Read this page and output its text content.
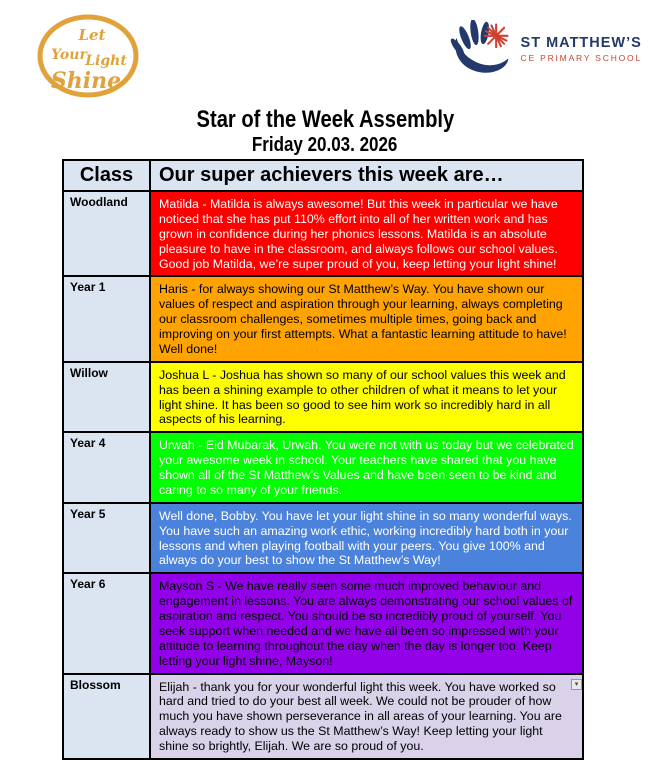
Let
Your
Light
Shine
ST MATTHEW’S
CE PRIMARY SCHOOL
Star of the Week Assembly
Friday 20.03. 2026
Class	Our super achievers this week are…
Woodland	Matilda - Matilda is always awesome! But this week in particular we have noticed that she has put 110% effort into all of her written work and has grown in confidence during her phonics lessons. Matilda is an absolute pleasure to have in the classroom, and always follows our school values. Good job Matilda, we’re super proud of you, keep letting your light shine!
Year 1	Haris - for always showing our St Matthew’s Way. You have shown our values of respect and aspiration through your learning, always completing our classroom challenges, sometimes multiple times, going back and improving on your first attempts. What a fantastic learning attitude to have! Well done!
Willow	Joshua L - Joshua has shown so many of our school values this week and has been a shining example to other children of what it means to let your light shine. It has been so good to see him work so incredibly hard in all aspects of his learning.
Year 4	Urwah - Eid Mubarak, Urwah. You were not with us today but we celebrated your awesome week in school. Your teachers have shared that you have shown all of the St Matthew’s Values and have been seen to be kind and caring to so many of your friends.
Year 5	Well done, Bobby. You have let your light shine in so many wonderful ways. You have such an amazing work ethic, working incredibly hard both in your lessons and when playing football with your peers. You give 100% and always do your best to show the St Matthew’s Way!
Year 6	Mayson S - We have really seen some much improved behaviour and engagement in lessons. You are always demonstrating our school values of aspiration and respect. You should be so incredibly proud of yourself. You seek support when needed and we have all been so impressed with your attitude to learning throughout the day when the day is longer too. Keep letting your light shine, Mayson!
Blossom	Elijah - thank you for your wonderful light this week. You have worked so hard and tried to do your best all week. We could not be prouder of how much you have shown perseverance in all areas of your learning. You are always ready to show us the St Matthew’s Way! Keep letting your light shine so brightly, Elijah. We are so proud of you.
▾
